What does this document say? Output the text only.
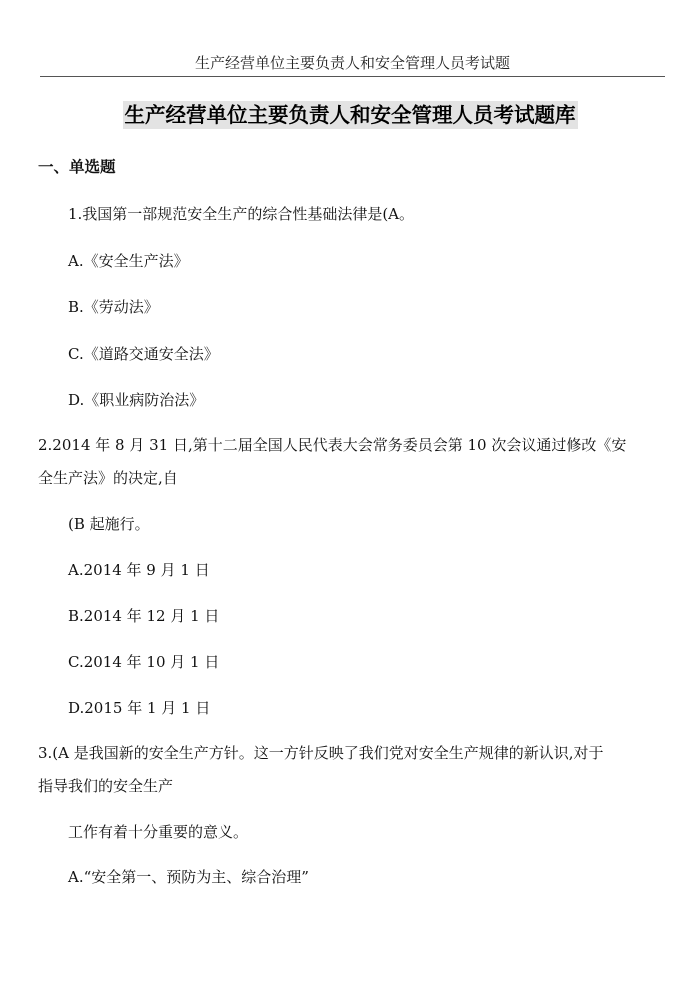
生产经营单位主要负责人和安全管理人员考试题
生产经营单位主要负责人和安全管理人员考试题库
一、单选题
1.我国第一部规范安全生产的综合性基础法律是(A。
A.《安全生产法》
B.《劳动法》
C.《道路交通安全法》
D.《职业病防治法》
2.2014 年 8 月 31 日,第十二届全国人民代表大会常务委员会第 10 次会议通过修改《安
全生产法》的决定,自
(B 起施行。
A.2014 年 9 月 1 日
B.2014 年 12 月 1 日
C.2014 年 10 月 1 日
D.2015 年 1 月 1 日
3.(A 是我国新的安全生产方针。这一方针反映了我们党对安全生产规律的新认识,对于
指导我们的安全生产
工作有着十分重要的意义。
A.“安全第一、预防为主、综合治理”
